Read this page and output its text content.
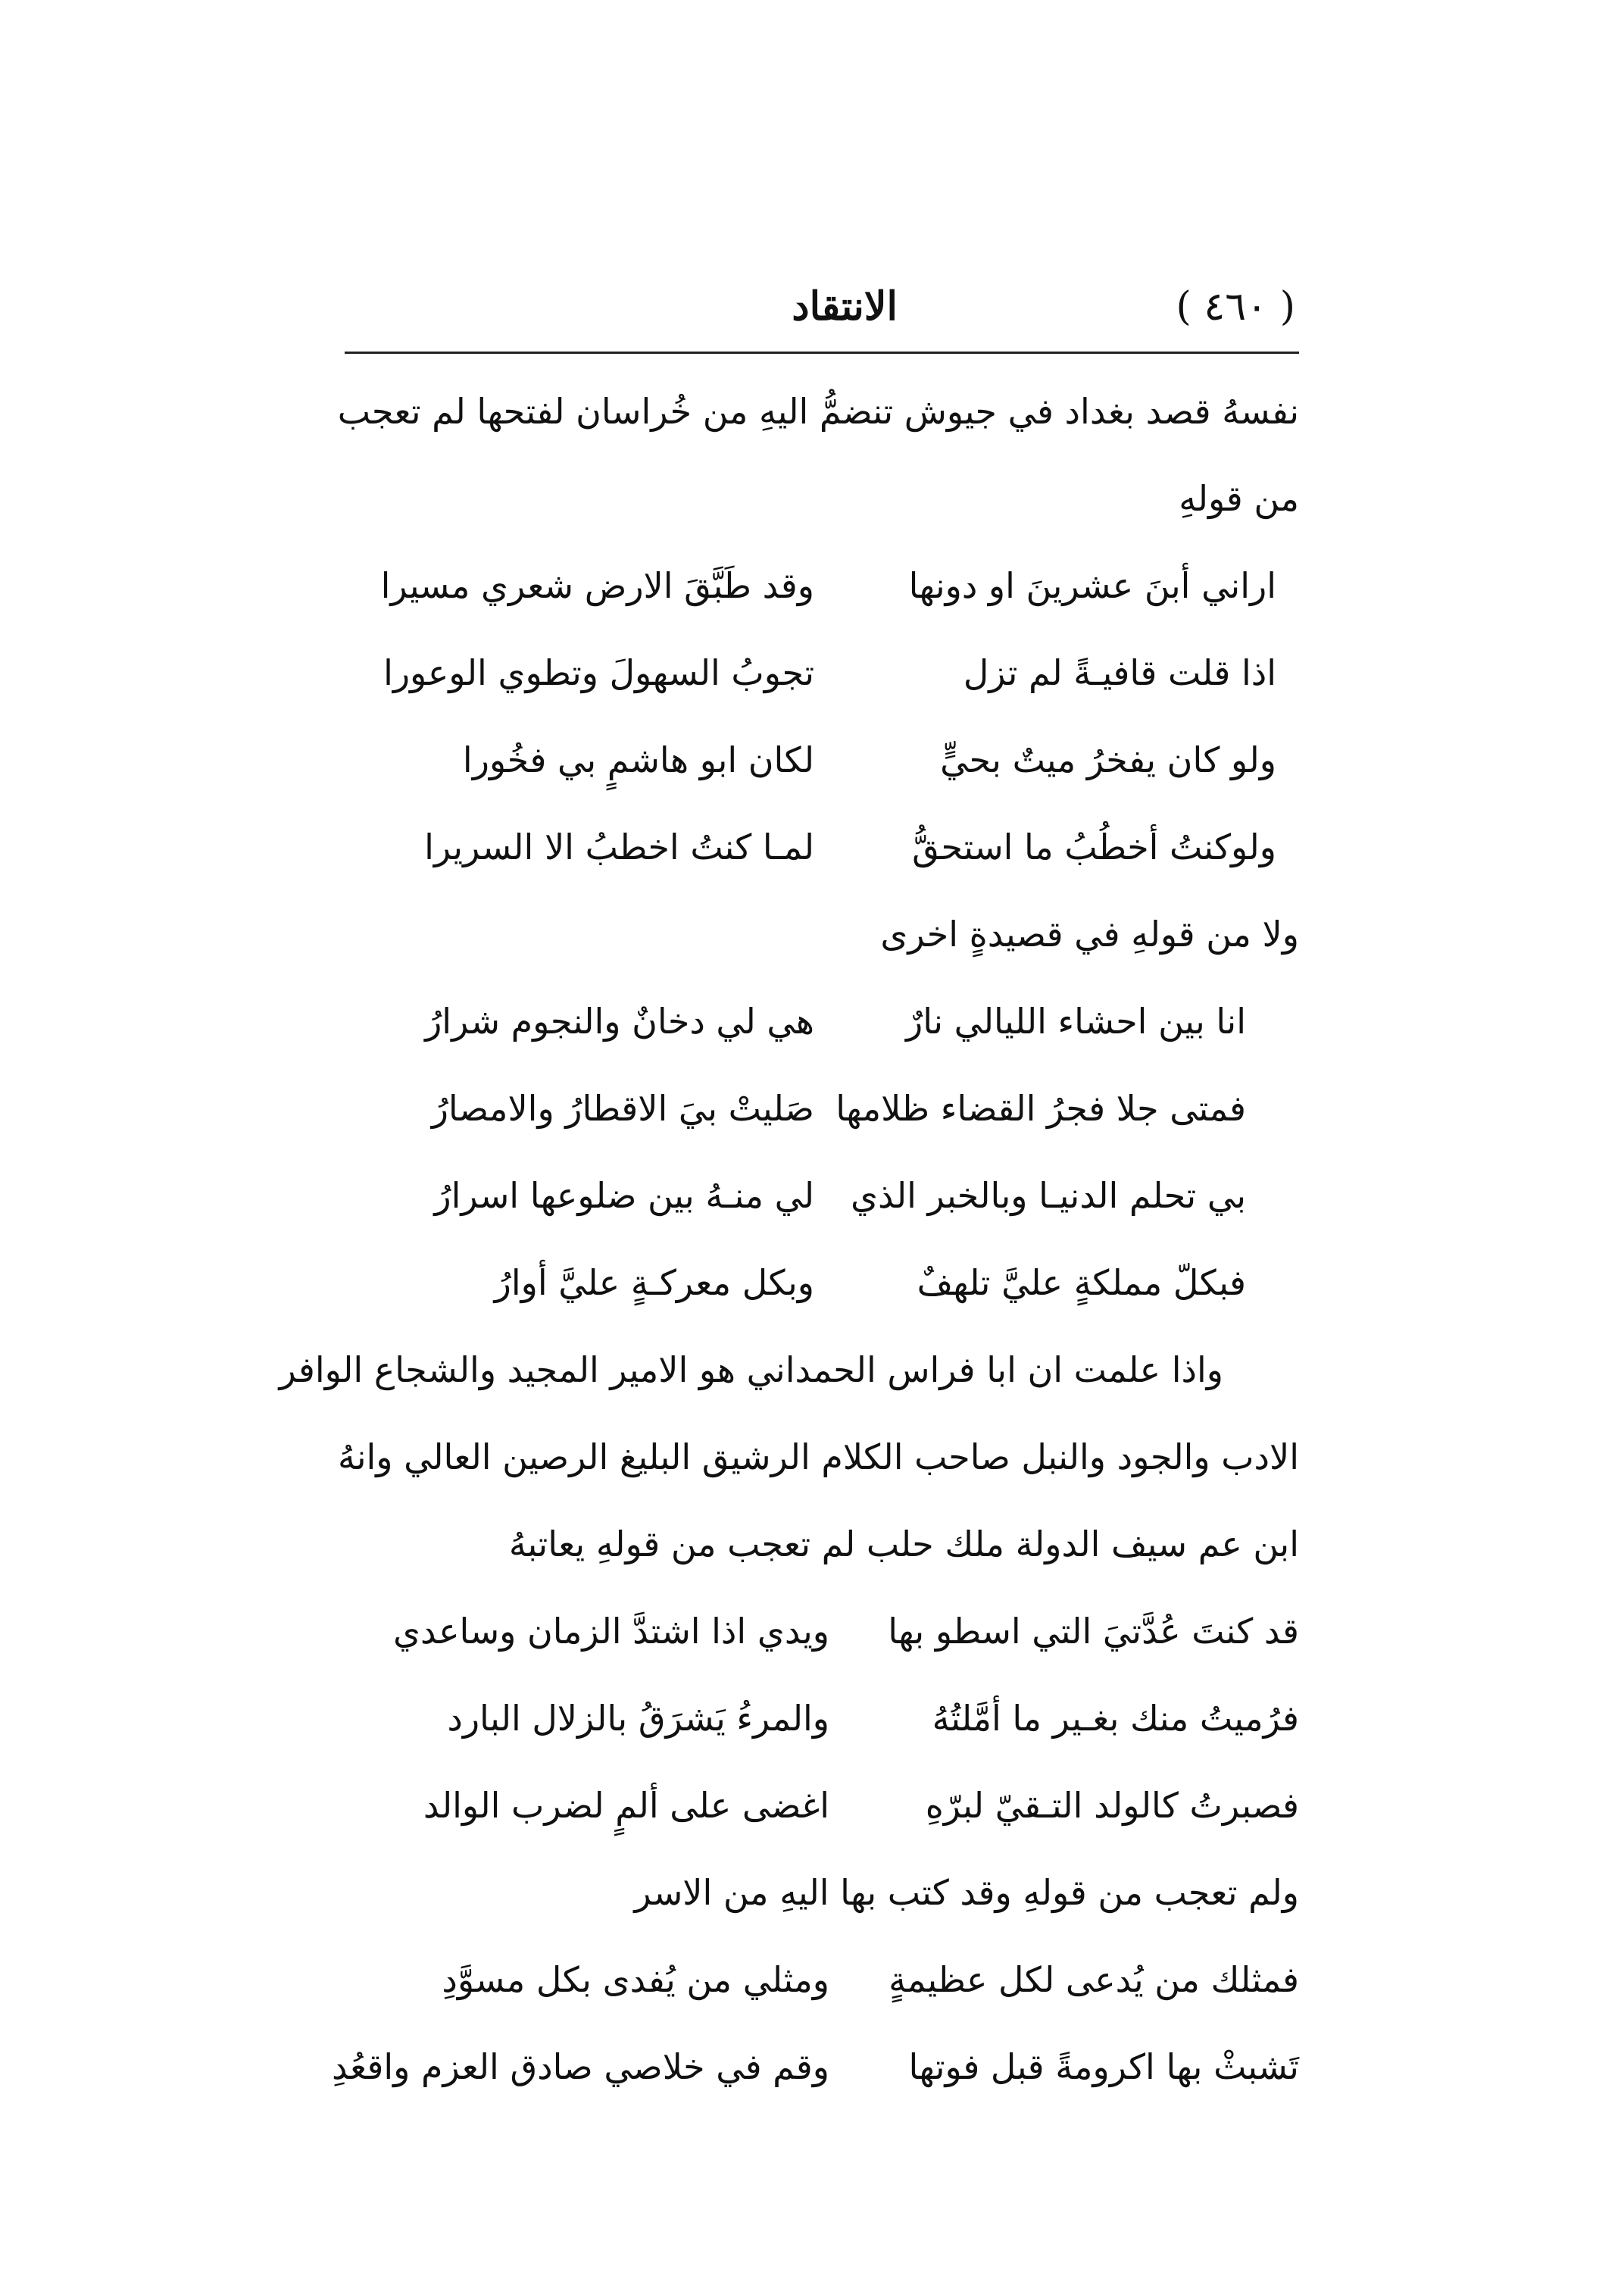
( ٤٦٠ )
الانتقاد
نفسهُ قصد بغداد في جيوش تنضمُّ اليهِ من خُراسان لفتحها لم تعجب
من قولهِ
اراني أبنَ عشرينَ او دونها
وقد طَبَّقَ الارض شعري مسيرا
اذا قلت قافيـةً لم تزل
تجوبُ السهولَ وتطوي الوعورا
ولو كان يفخرُ ميتٌ بحيٍّ
لكان ابو هاشمٍ بي فخُورا
ولوكنتُ أخطُبُ ما استحقُّ
لمـا كنتُ اخطبُ الا السريرا
ولا من قولهِ في قصيدةٍ اخرى
انا بين احشاء الليالي نارٌ
هي لي دخانٌ والنجوم شرارُ
فمتى جلا فجرُ القضاء ظلامها
صَليتْ بيَ الاقطارُ والامصارُ
بي تحلم الدنيـا وبالخبر الذي
لي منـهُ بين ضلوعها اسرارُ
فبكلّ مملكةٍ عليَّ تلهفٌ
وبكل معركـةٍ عليَّ أوارُ
واذا علمت ان ابا فراس الحمداني هو الامير المجيد والشجاع الوافر
الادب والجود والنبل صاحب الكلام الرشيق البليغ الرصين العالي وانهُ
ابن عم سيف الدولة ملك حلب لم تعجب من قولهِ يعاتبهُ
قد كنتَ عُدَّتيَ التي اسطو بها
ويدي اذا اشتدَّ الزمان وساعدي
فرُميتُ منك بغـير ما أمَّلتُهُ
والمرءُ يَشرَقُ بالزلال البارد
فصبرتُ كالولد التـقيّ لبرّهِ
اغضى على ألمٍ لضرب الوالد
ولم تعجب من قولهِ وقد كتب بها اليهِ من الاسر
فمثلك من يُدعى لكل عظيمةٍ
ومثلي من يُفدى بكل مسوَّدِ
تَشبثْ بها اكرومةً قبل فوتها
وقم في خلاصي صادق العزم واقعُدِ
